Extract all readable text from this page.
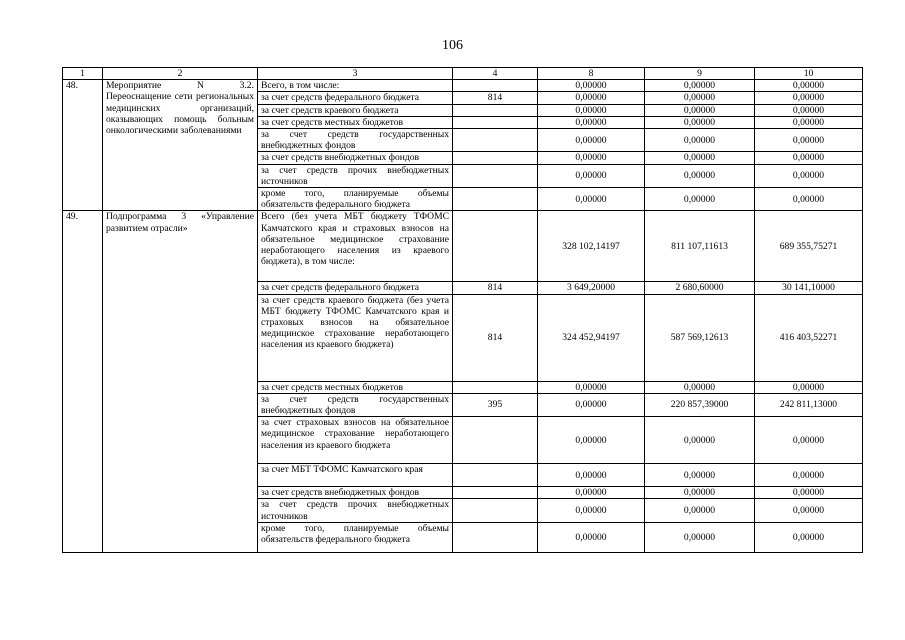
106
1	2	3	4	8	9	10
48.	Мероприятие N 3.2. Переоснащение сети региональных медицинских организаций, оказывающих помощь больным онкологическими заболеваниями	Всего, в том числе:		0,00000	0,00000	0,00000
		за счет средств федерального бюджета	814	0,00000	0,00000	0,00000
		за счет средств краевого бюджета		0,00000	0,00000	0,00000
		за счет средств местных бюджетов		0,00000	0,00000	0,00000
		за счет средств государственных внебюджетных фондов		0,00000	0,00000	0,00000
		за счет средств внебюджетных фондов		0,00000	0,00000	0,00000
		за счет средств прочих внебюджетных источников		0,00000	0,00000	0,00000
		кроме того, планируемые объемы обязательств федерального бюджета		0,00000	0,00000	0,00000
49.	Подпрограмма 3 «Управление развитием отрасли»	Всего (без учета МБТ бюджету ТФОМС Камчатского края и страховых взносов на обязательное медицинское страхование неработающего населения из краевого бюджета), в том числе:		328 102,14197	811 107,11613	689 355,75271
		за счет средств федерального бюджета	814	3 649,20000	2 680,60000	30 141,10000
		за счет средств краевого бюджета (без учета МБТ бюджету ТФОМС Камчатского края и страховых взносов на обязательное медицинское страхование неработающего населения из краевого бюджета)	814	324 452,94197	587 569,12613	416 403,52271
		за счет средств местных бюджетов		0,00000	0,00000	0,00000
		за счет средств государственных внебюджетных фондов	395	0,00000	220 857,39000	242 811,13000
		за счет страховых взносов на обязательное медицинское страхование неработающего населения из краевого бюджета		0,00000	0,00000	0,00000
		за счет МБТ ТФОМС Камчатского края		0,00000	0,00000	0,00000
		за счет средств внебюджетных фондов		0,00000	0,00000	0,00000
		за счет средств прочих внебюджетных источников		0,00000	0,00000	0,00000
		кроме того, планируемые объемы обязательств федерального бюджета		0,00000	0,00000	0,00000
